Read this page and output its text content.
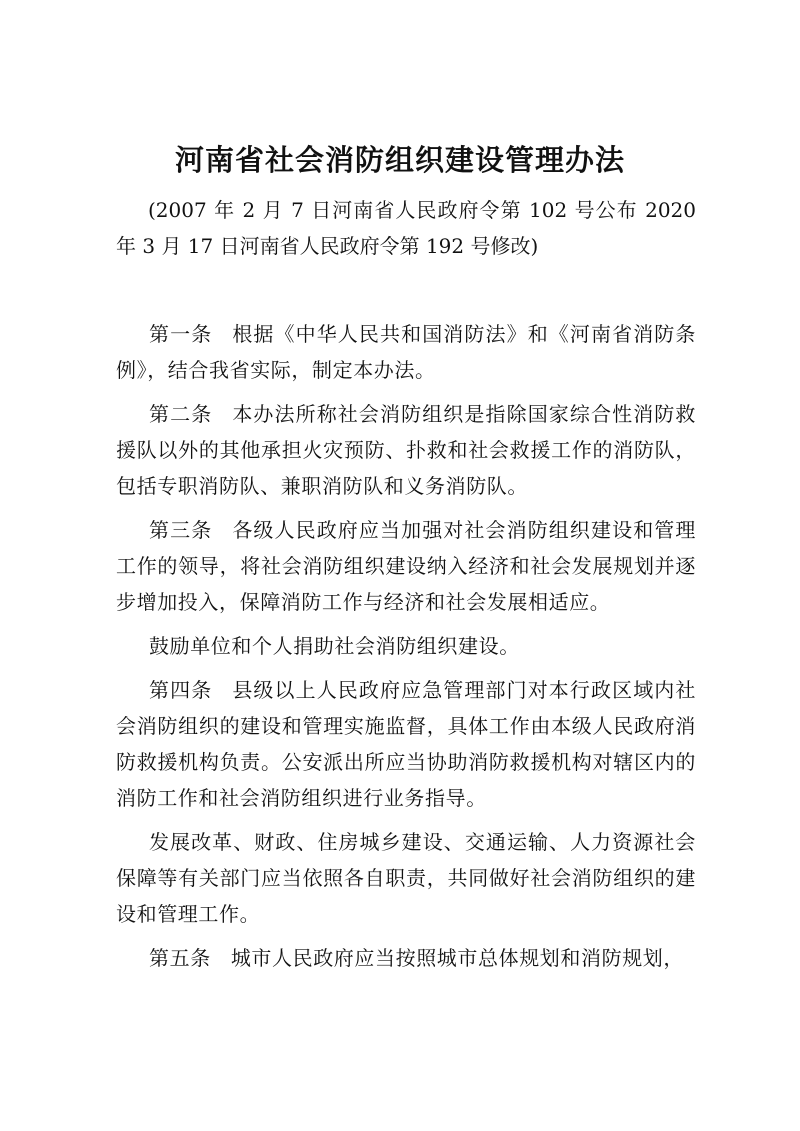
河南省社会消防组织建设管理办法

(2007 年 2 月 7 日河南省人民政府令第 102 号公布 2020 年 3 月 17 日河南省人民政府令第 192 号修改)

第一条 根据《中华人民共和国消防法》和《河南省消防条例》，结合我省实际，制定本办法。

第二条 本办法所称社会消防组织是指除国家综合性消防救援队以外的其他承担火灾预防、扑救和社会救援工作的消防队，包括专职消防队、兼职消防队和义务消防队。

第三条 各级人民政府应当加强对社会消防组织建设和管理工作的领导，将社会消防组织建设纳入经济和社会发展规划并逐步增加投入，保障消防工作与经济和社会发展相适应。

鼓励单位和个人捐助社会消防组织建设。

第四条 县级以上人民政府应急管理部门对本行政区域内社会消防组织的建设和管理实施监督，具体工作由本级人民政府消防救援机构负责。公安派出所应当协助消防救援机构对辖区内的消防工作和社会消防组织进行业务指导。

发展改革、财政、住房城乡建设、交通运输、人力资源社会保障等有关部门应当依照各自职责，共同做好社会消防组织的建设和管理工作。

第五条 城市人民政府应当按照城市总体规划和消防规划，
